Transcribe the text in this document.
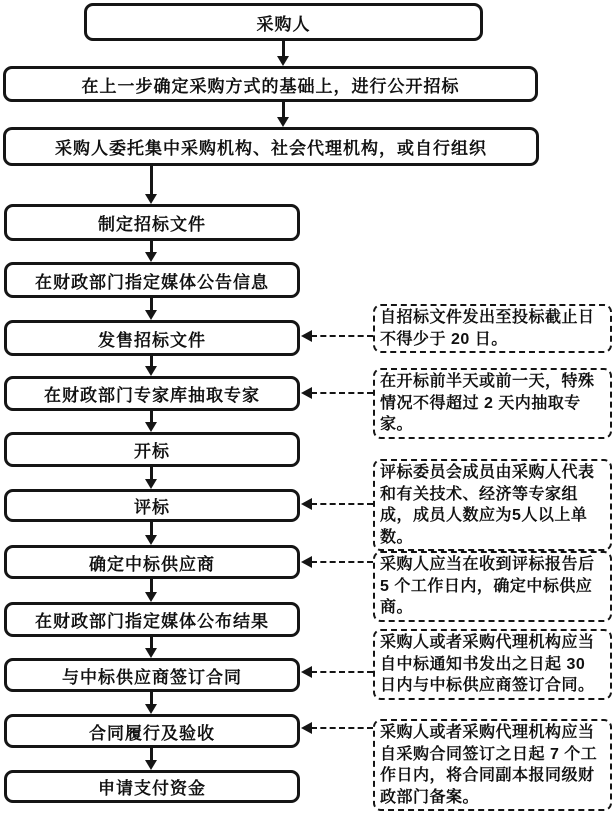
采购人
在上一步确定采购方式的基础上，进行公开招标
采购人委托集中采购机构、社会代理机构，或自行组织
制定招标文件
在财政部门指定媒体公告信息
发售招标文件
在财政部门专家库抽取专家
开标
评标
确定中标供应商
在财政部门指定媒体公布结果
与中标供应商签订合同
合同履行及验收
申请支付资金
自招标文件发出至投标截止日不得少于 20 日。
在开标前半天或前一天，特殊情况不得超过 2 天内抽取专家。
评标委员会成员由采购人代表和有关技术、经济等专家组成，成员人数应为5人以上单数。
采购人应当在收到评标报告后 5 个工作日内，确定中标供应商。
采购人或者采购代理机构应当自中标通知书发出之日起 30 日内与中标供应商签订合同。
采购人或者采购代理机构应当自采购合同签订之日起 7 个工作日内，将合同副本报同级财政部门备案。
